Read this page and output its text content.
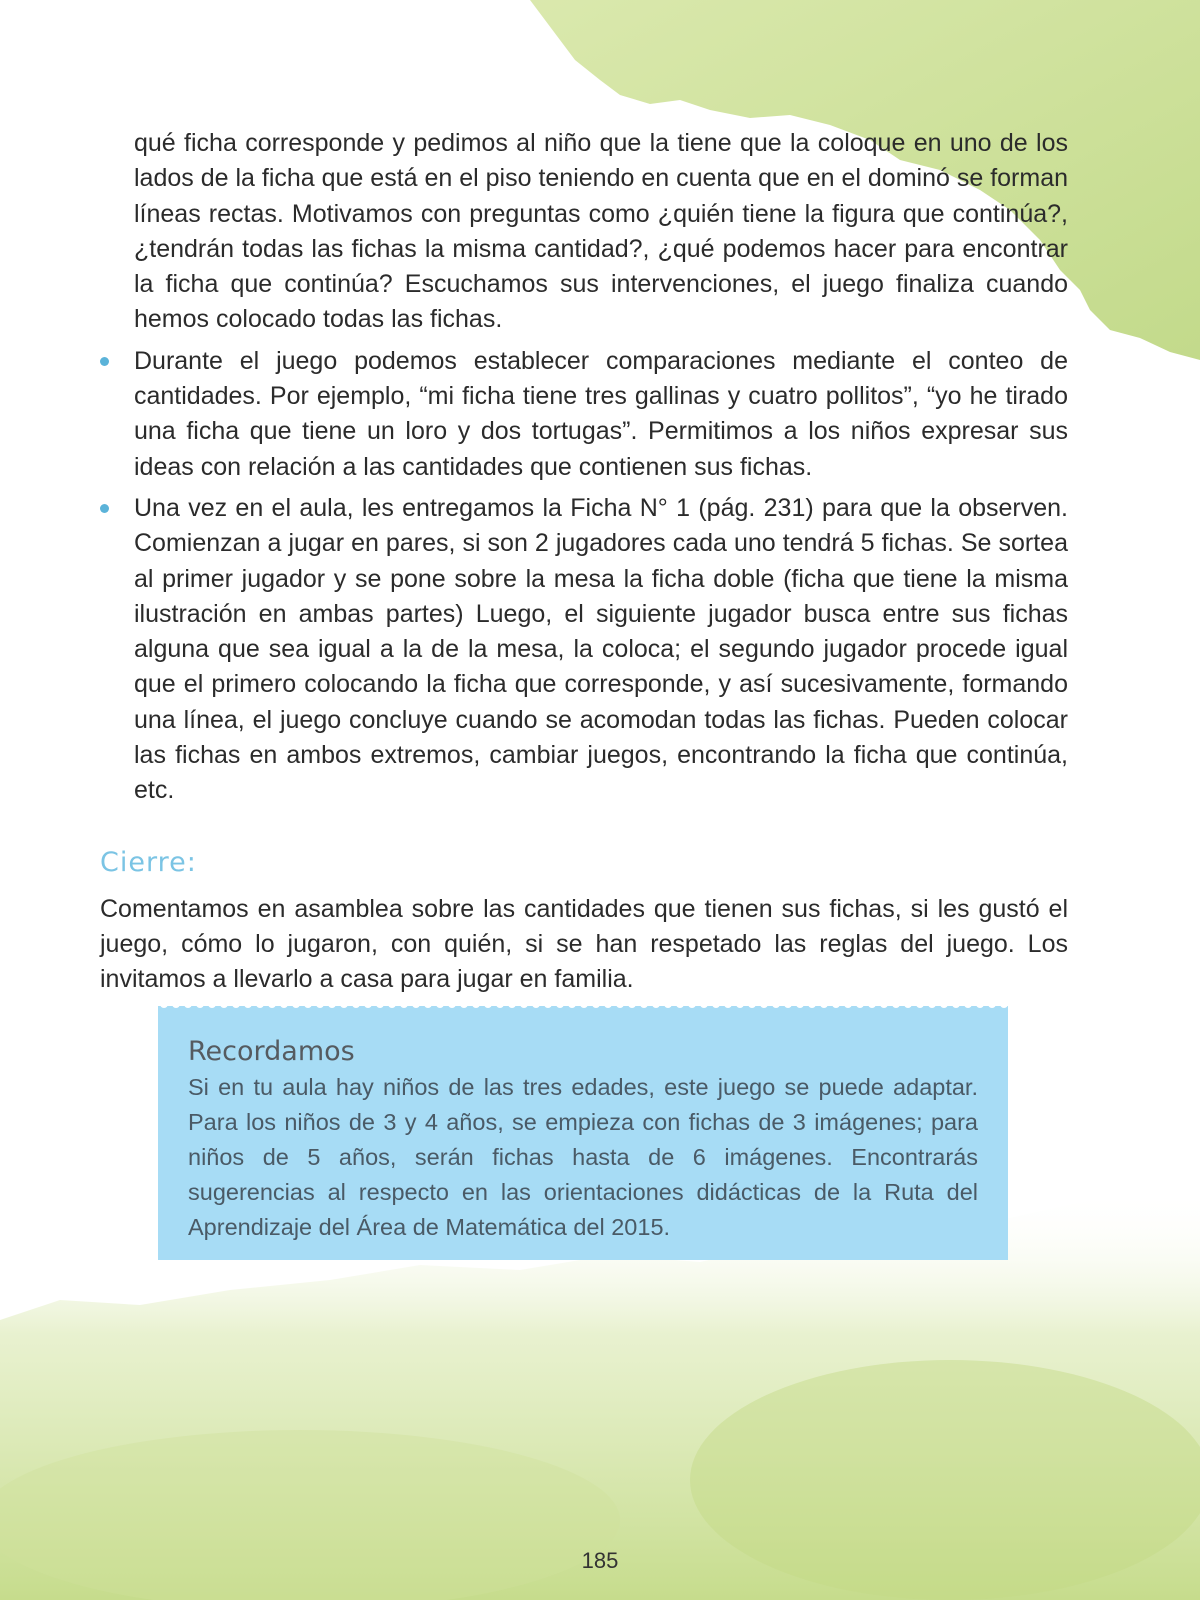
qué ficha corresponde y pedimos al niño que la tiene que la coloque en uno de los lados de la ficha que está en el piso teniendo en cuenta que en el dominó se forman líneas rectas. Motivamos con preguntas como ¿quién tiene la figura que continúa?, ¿tendrán todas las fichas la misma cantidad?, ¿qué podemos hacer para encontrar la ficha que continúa? Escuchamos sus intervenciones, el juego finaliza cuando hemos colocado todas las fichas.

Durante el juego podemos establecer comparaciones mediante el conteo de cantidades. Por ejemplo, “mi ficha tiene tres gallinas y cuatro pollitos”, “yo he tirado una ficha que tiene un loro y dos tortugas”. Permitimos a los niños expresar sus ideas con relación a las cantidades que contienen sus fichas.

Una vez en el aula, les entregamos la Ficha N° 1 (pág. 231) para que la observen. Comienzan a jugar en pares, si son 2 jugadores cada uno tendrá 5 fichas. Se sortea al primer jugador y se pone sobre la mesa la ficha doble (ficha que tiene la misma ilustración en ambas partes) Luego, el siguiente jugador busca entre sus fichas alguna que sea igual a la de la mesa, la coloca; el segundo jugador procede igual que el primero colocando la ficha que corresponde, y así sucesivamente, formando una línea, el juego concluye cuando se acomodan todas las fichas. Pueden colocar las fichas en ambos extremos, cambiar juegos, encontrando la ficha que continúa, etc.

Cierre:

Comentamos en asamblea sobre las cantidades que tienen sus fichas, si les gustó el juego, cómo lo jugaron, con quién, si se han respetado las reglas del juego. Los invitamos a llevarlo a casa para jugar en familia.

Recordamos

Si en tu aula hay niños de las tres edades, este juego se puede adaptar. Para los niños de 3 y 4 años, se empieza con fichas de 3 imágenes; para niños de 5 años, serán fichas hasta de 6 imágenes. Encontrarás sugerencias al respecto en las orientaciones didácticas de la Ruta del Aprendizaje del Área de Matemática del 2015.

185
